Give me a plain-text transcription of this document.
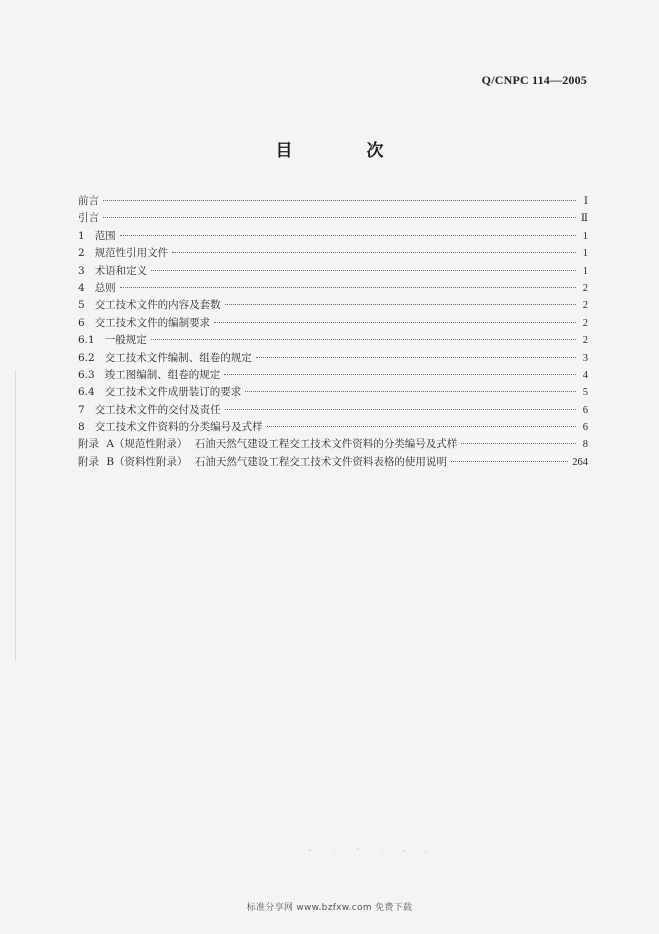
Q/CNPC 114—2005
目 次
前言	Ⅰ
引言	Ⅱ
1 范围	1
2 规范性引用文件	1
3 术语和定义	1
4 总则	2
5 交工技术文件的内容及套数	2
6 交工技术文件的编制要求	2
6.1 一般规定	2
6.2 交工技术文件编制、组卷的规定	3
6.3 竣工图编制、组卷的规定	4
6.4 交工技术文件成册装订的要求	5
7 交工技术文件的交付及责任	6
8 交工技术文件资料的分类编号及式样	6
附录 A（规范性附录） 石油天然气建设工程交工技术文件资料的分类编号及式样	8
附录 B（资料性附录） 石油天然气建设工程交工技术文件资料表格的使用说明	264
标准分享网 www.bzfxw.com 免费下载
